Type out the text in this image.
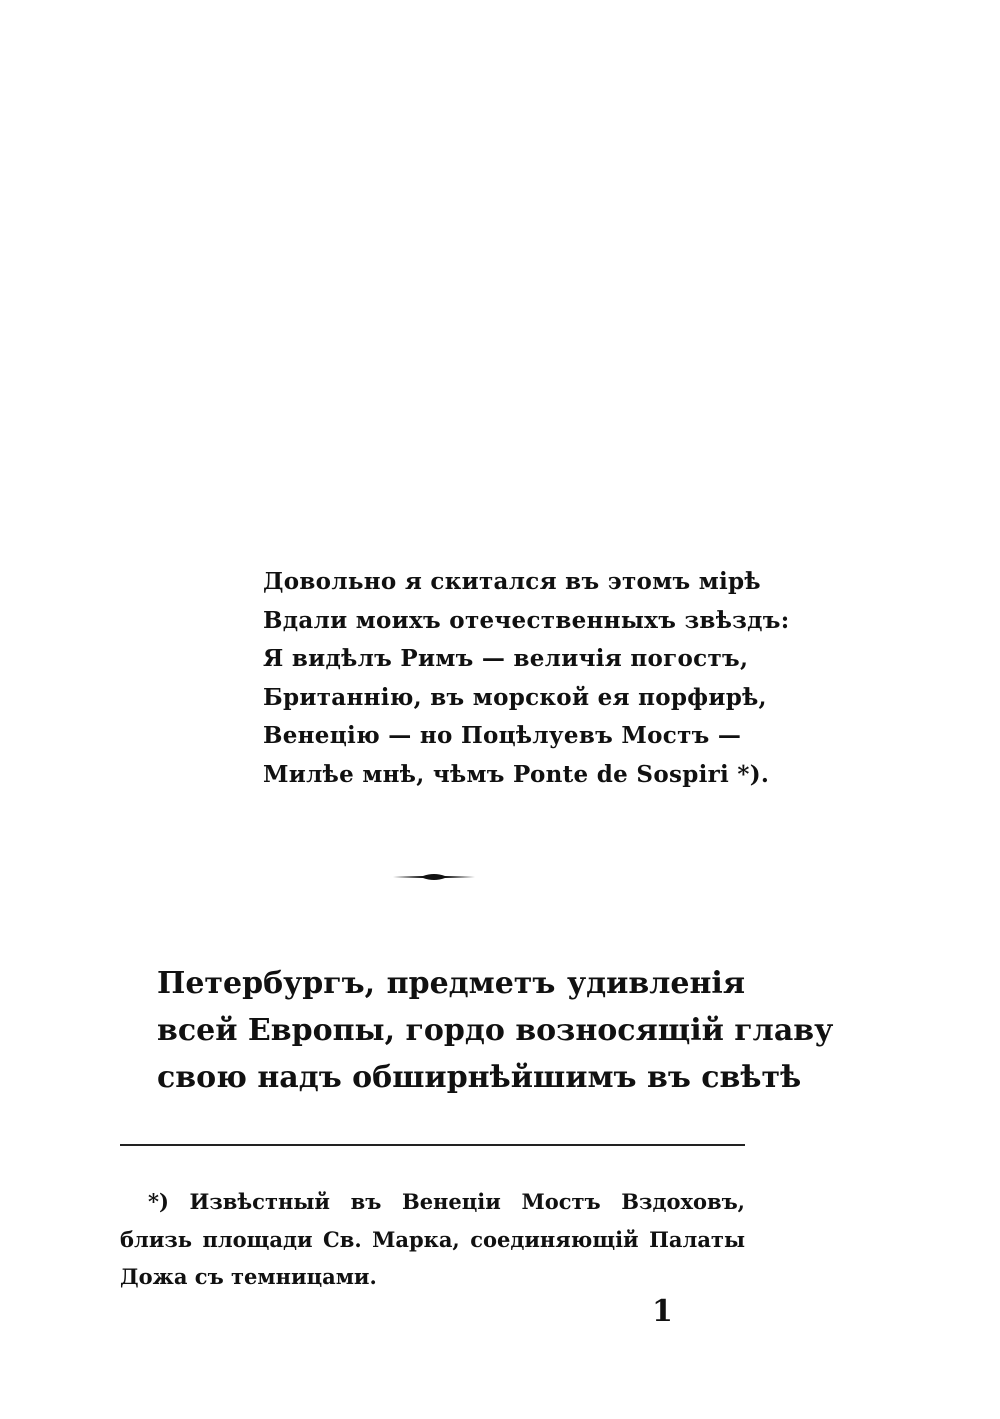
Довольно я скитался въ этомъ мiрѣ
Вдали моихъ отечественныхъ звѣздъ:
Я видѣлъ Римъ — величiя погостъ,
Британнiю, въ морской ея порфирѣ,
Венецiю — но Поцѣлуевъ Мостъ —
Милѣе мнѣ, чѣмъ Ponte de Sospiri *).
Петербургъ, предметъ удивленiя
всей Европы, гордо возносящiй главу
свою надъ обширнѣйшимъ въ свѣтѣ
*) Извѣстный въ Венецiи Мостъ Вздоховъ,
близь площади Св. Марка, соединяющiй Палаты
Дожа съ темницами.
1
